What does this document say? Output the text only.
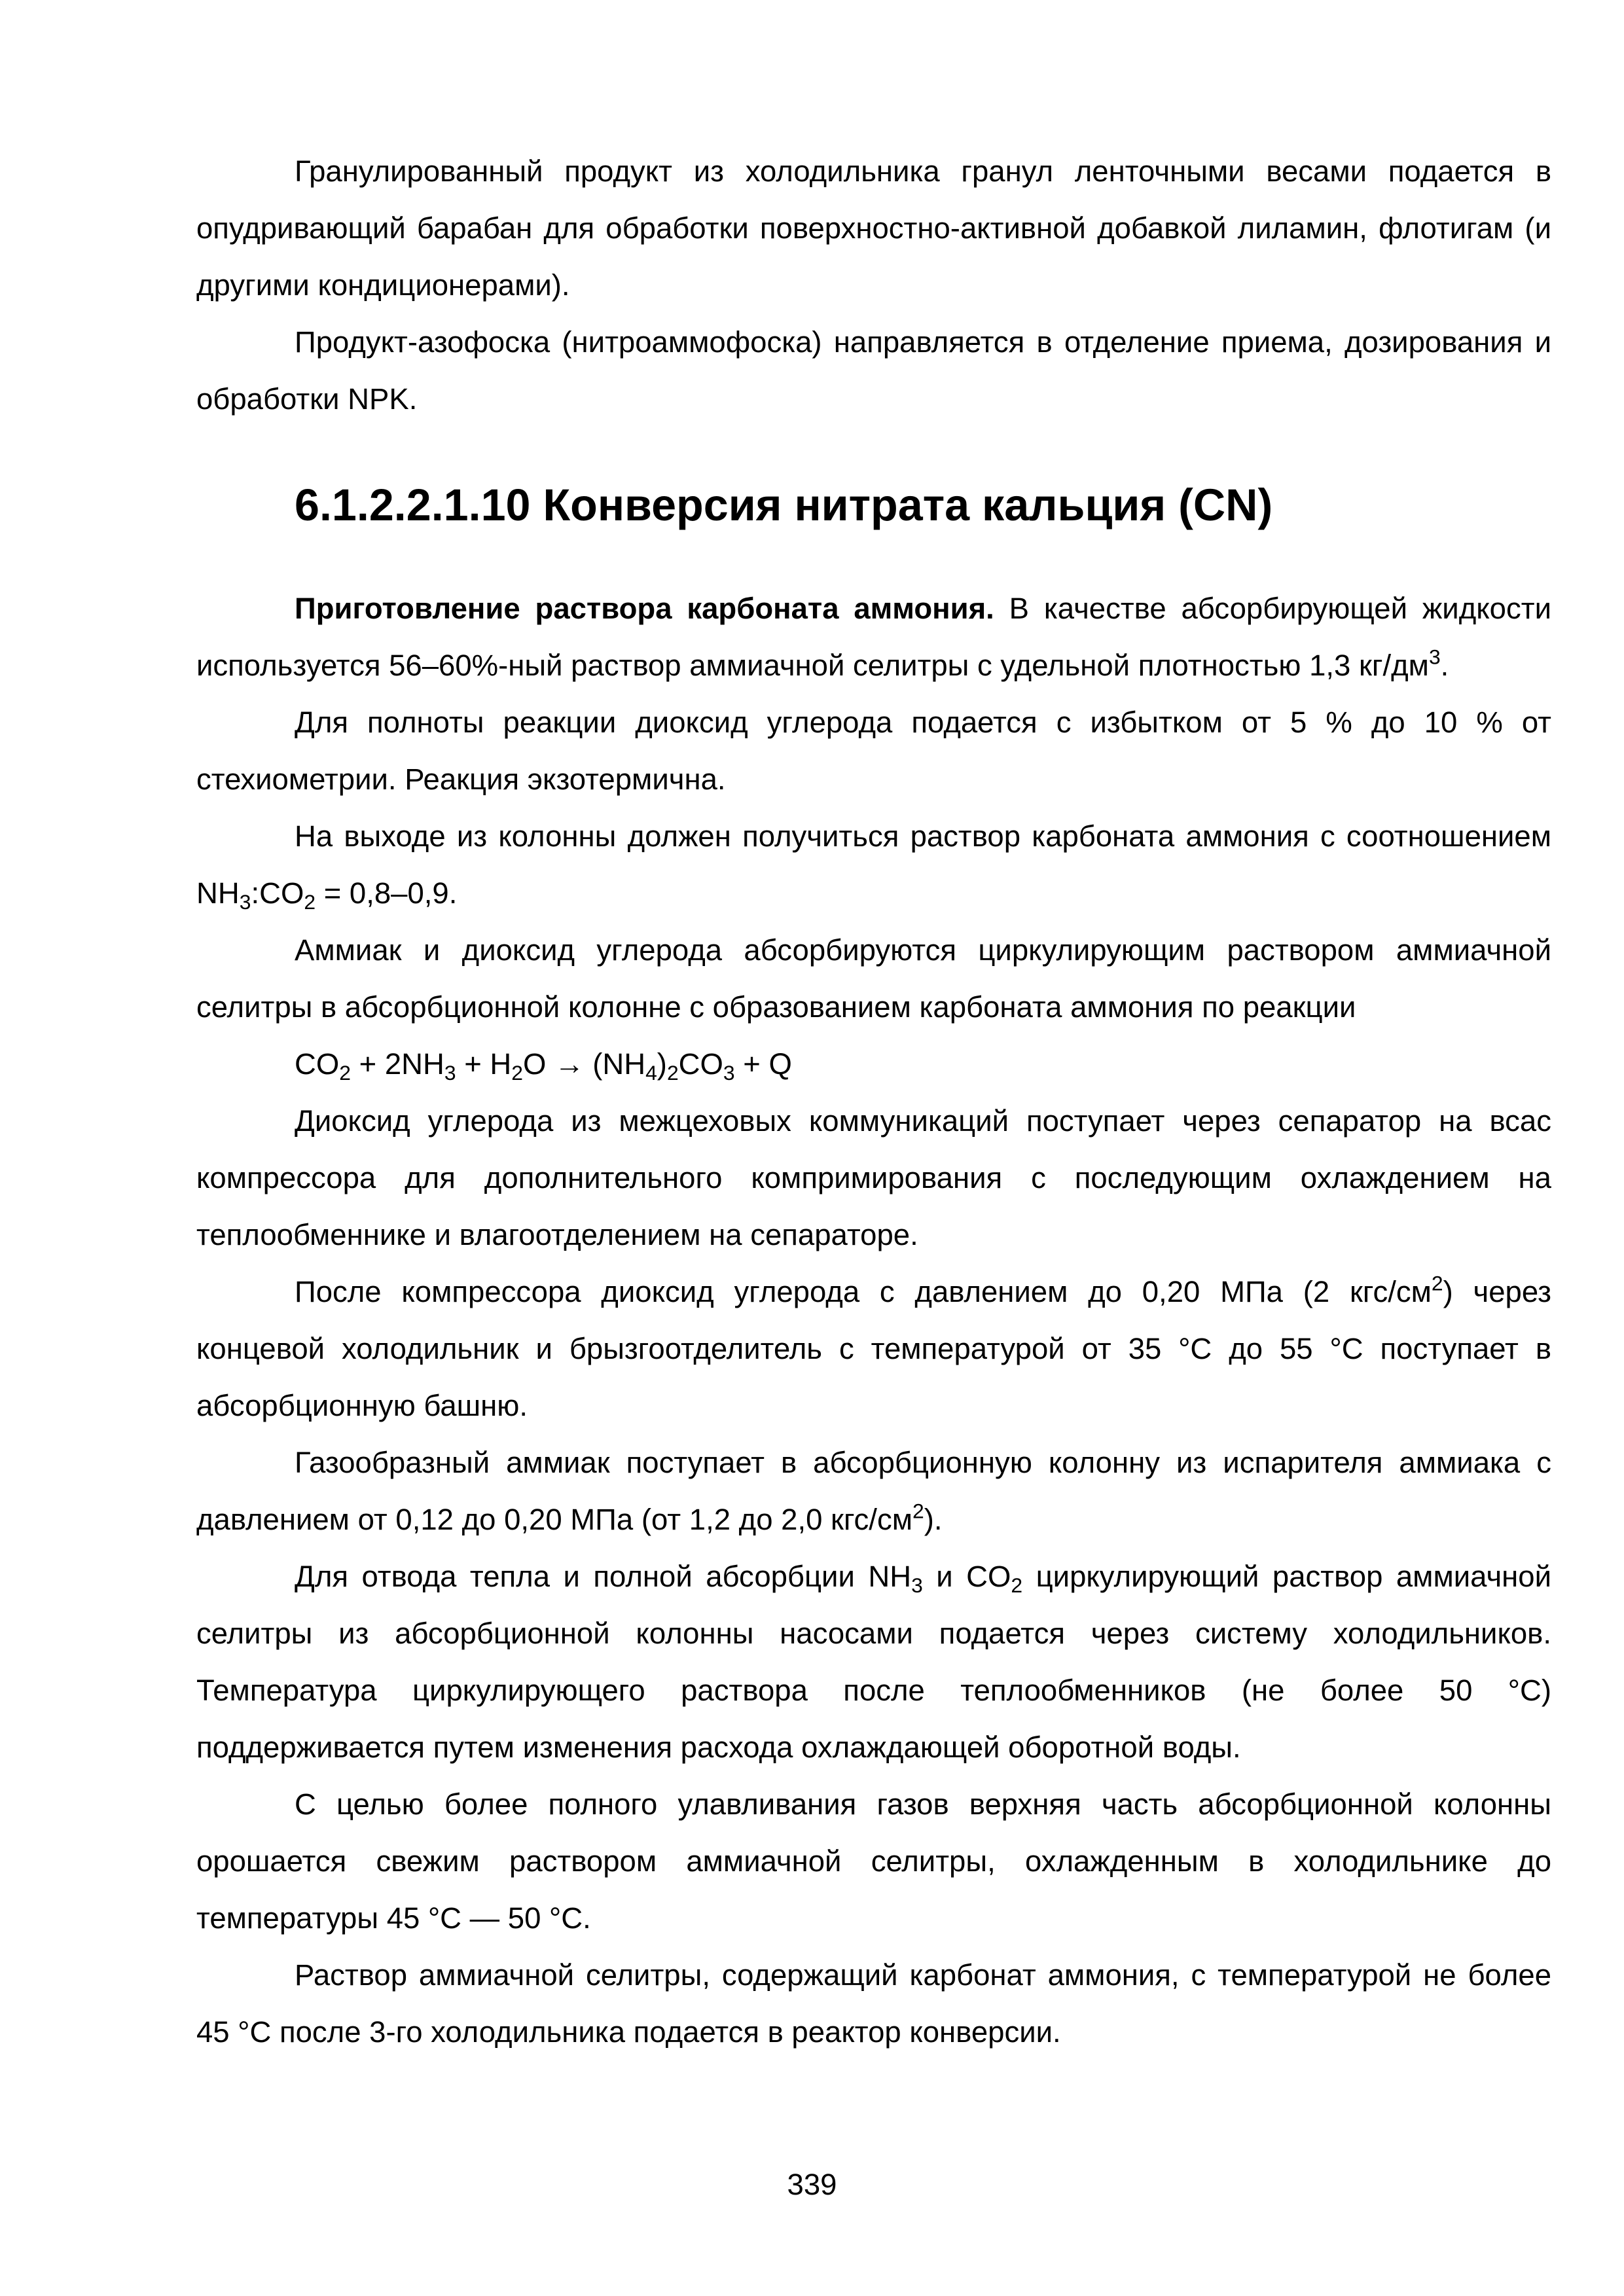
Гранулированный продукт из холодильника гранул ленточными весами подается в опудривающий барабан для обработки поверхностно-активной добавкой лиламин, флотигам (и другими кондиционерами).

Продукт-азофоска (нитроаммофоска) направляется в отделение приема, дозирования и обработки NPK.

6.1.2.2.1.10 Конверсия нитрата кальция (CN)

Приготовление раствора карбоната аммония. В качестве абсорбирующей жидкости используется 56–60%-ный раствор аммиачной селитры с удельной плотностью 1,3 $кг/дм^3$.

Для полноты реакции диоксид углерода подается с избытком от 5 % до 10 % от стехиометрии. Реакция экзотермична.

На выходе из колонны должен получиться раствор карбоната аммония с соотношением $NH_3:CO_2 = 0,8-0,9$.

Аммиак и диоксид углерода абсорбируются циркулирующим раствором аммиачной селитры в абсорбционной колонне с образованием карбоната аммония по реакции

$CO_2 + 2NH_3 + H_2O \to (NH_4)_2CO_3 + Q$

Диоксид углерода из межцеховых коммуникаций поступает через сепаратор на всас компрессора для дополнительного компримирования с последующим охлаждением на теплообменнике и влагоотделением на сепараторе.

После компрессора диоксид углерода с давлением до 0,20 МПа (2 кгс/$см^2$) через концевой холодильник и брызгоотделитель с температурой от 35 °С до 55 °С поступает в абсорбционную башню.

Газообразный аммиак поступает в абсорбционную колонну из испарителя аммиака с давлением от 0,12 до 0,20 МПа (от 1,2 до 2,0 кгс/$см^2$).

Для отвода тепла и полной абсорбции $NH_3$ и $CO_2$ циркулирующий раствор аммиачной селитры из абсорбционной колонны насосами подается через систему холодильников. Температура циркулирующего раствора после теплообменников (не более 50 °С) поддерживается путем изменения расхода охлаждающей оборотной воды.

С целью более полного улавливания газов верхняя часть абсорбционной колонны орошается свежим раствором аммиачной селитры, охлажденным в холодильнике до температуры 45 °С — 50 °С.

Раствор аммиачной селитры, содержащий карбонат аммония, с температурой не более 45 °С после 3-го холодильника подается в реактор конверсии.

339
